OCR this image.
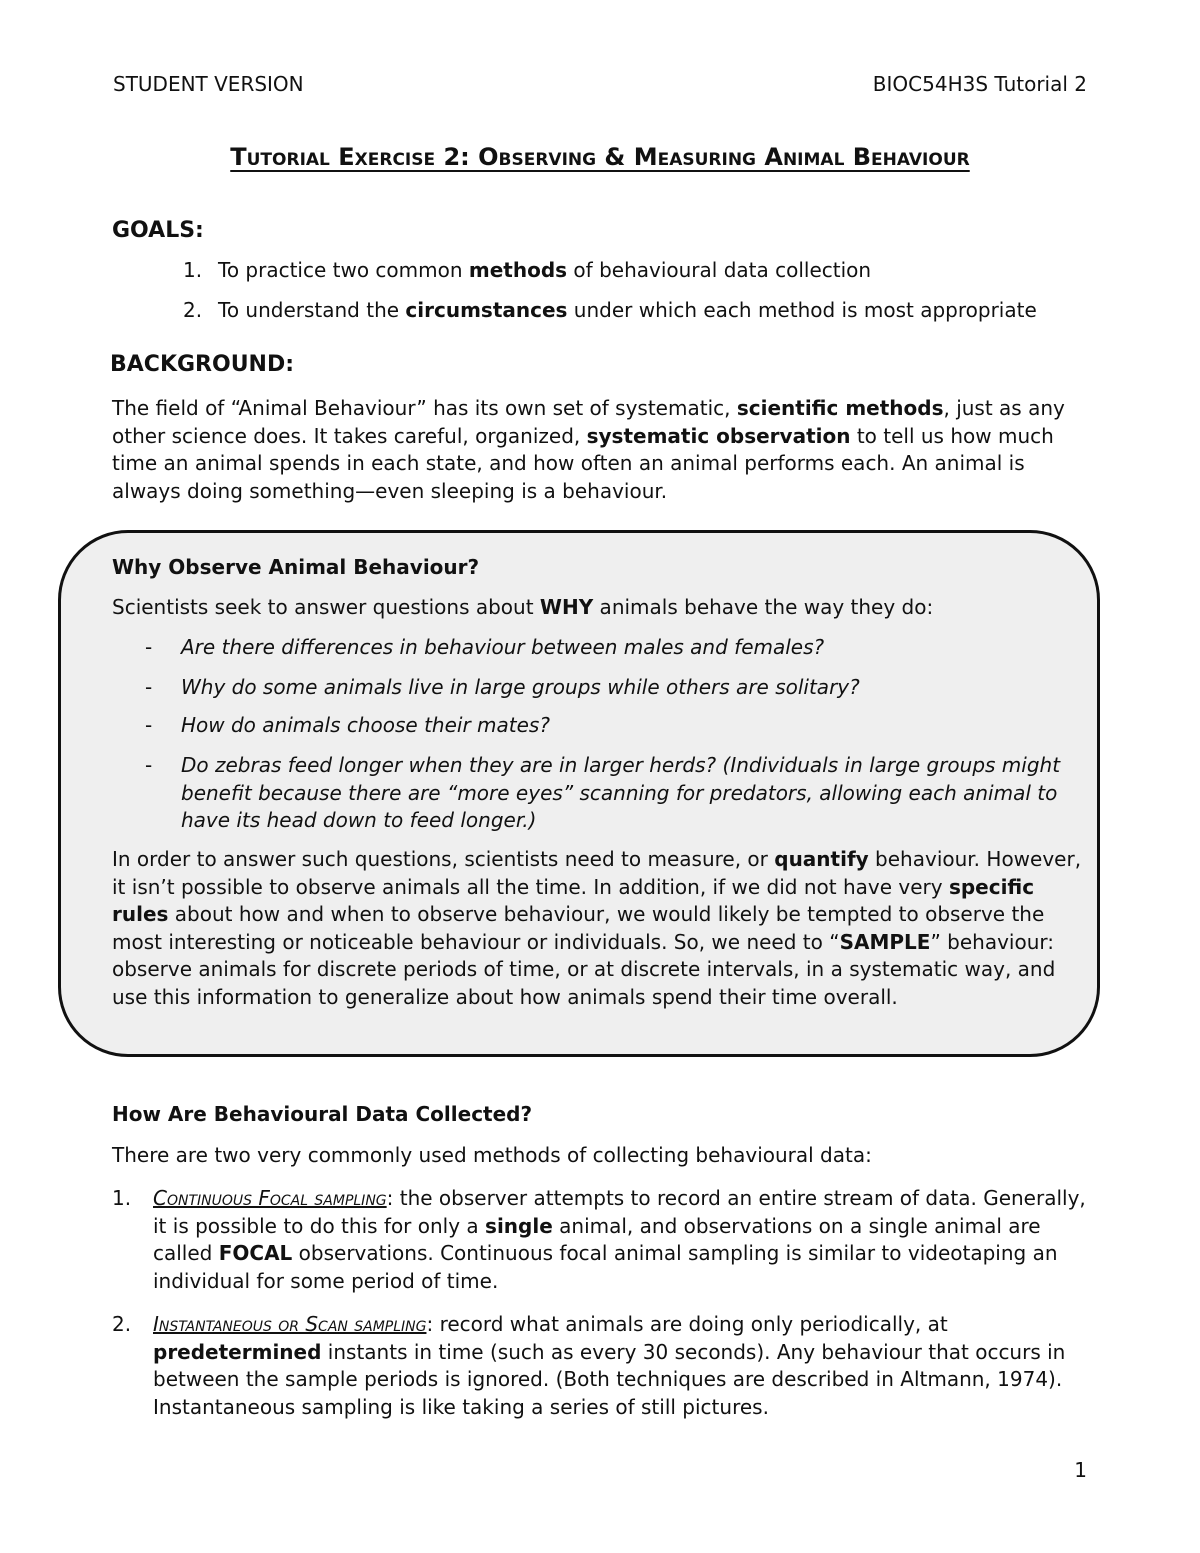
STUDENT VERSION	BIOC54H3S Tutorial 2
Tutorial Exercise 2: Observing & Measuring Animal Behaviour
GOALS:
1. To practice two common methods of behavioural data collection
2. To understand the circumstances under which each method is most appropriate
BACKGROUND:

The field of “Animal Behaviour” has its own set of systematic, scientific methods, just as any other science does. It takes careful, organized, systematic observation to tell us how much time an animal spends in each state, and how often an animal performs each. An animal is always doing something—even sleeping is a behaviour.

Why Observe Animal Behaviour?
Scientists seek to answer questions about WHY animals behave the way they do:
- Are there differences in behaviour between males and females?
- Why do some animals live in large groups while others are solitary?
- How do animals choose their mates?
- Do zebras feed longer when they are in larger herds? (Individuals in large groups might benefit because there are “more eyes” scanning for predators, allowing each animal to have its head down to feed longer.)

In order to answer such questions, scientists need to measure, or quantify behaviour. However, it isn’t possible to observe animals all the time. In addition, if we did not have very specific rules about how and when to observe behaviour, we would likely be tempted to observe the most interesting or noticeable behaviour or individuals. So, we need to “SAMPLE” behaviour: observe animals for discrete periods of time, or at discrete intervals, in a systematic way, and use this information to generalize about how animals spend their time overall.

How Are Behavioural Data Collected?
There are two very commonly used methods of collecting behavioural data:
1. Continuous Focal sampling: the observer attempts to record an entire stream of data. Generally, it is possible to do this for only a single animal, and observations on a single animal are called FOCAL observations. Continuous focal animal sampling is similar to videotaping an individual for some period of time.
2. Instantaneous or Scan sampling: record what animals are doing only periodically, at predetermined instants in time (such as every 30 seconds). Any behaviour that occurs in between the sample periods is ignored. (Both techniques are described in Altmann, 1974). Instantaneous sampling is like taking a series of still pictures.
1
